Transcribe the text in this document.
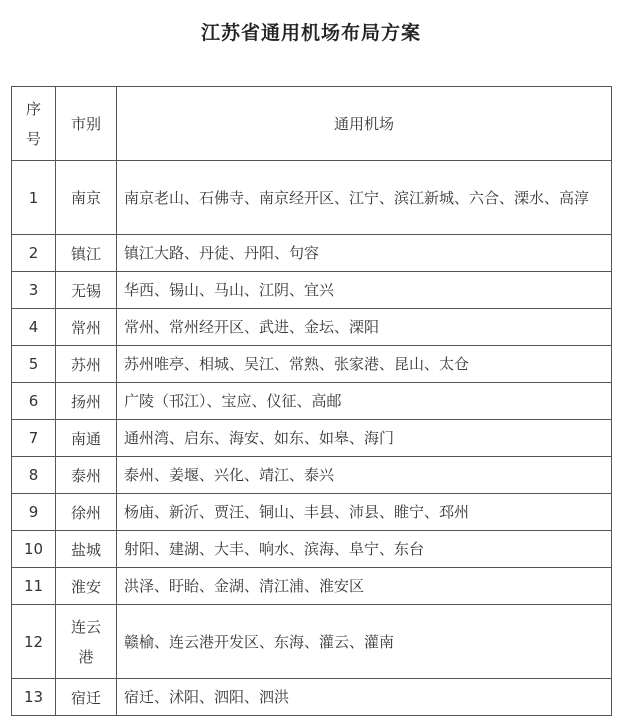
江苏省通用机场布局方案
序号	市别	通用机场
1	南京	南京老山、石佛寺、南京经开区、江宁、滨江新城、六合、溧水、高淳
2	镇江	镇江大路、丹徒、丹阳、句容
3	无锡	华西、锡山、马山、江阴、宜兴
4	常州	常州、常州经开区、武进、金坛、溧阳
5	苏州	苏州唯亭、相城、吴江、常熟、张家港、昆山、太仓
6	扬州	广陵（邗江）、宝应、仪征、高邮
7	南通	通州湾、启东、海安、如东、如皋、海门
8	泰州	泰州、姜堰、兴化、靖江、泰兴
9	徐州	杨庙、新沂、贾汪、铜山、丰县、沛县、睢宁、邳州
10	盐城	射阳、建湖、大丰、响水、滨海、阜宁、东台
11	淮安	洪泽、盱眙、金湖、清江浦、淮安区
12	连云港	赣榆、连云港开发区、东海、灌云、灌南
13	宿迁	宿迁、沭阳、泗阳、泗洪
